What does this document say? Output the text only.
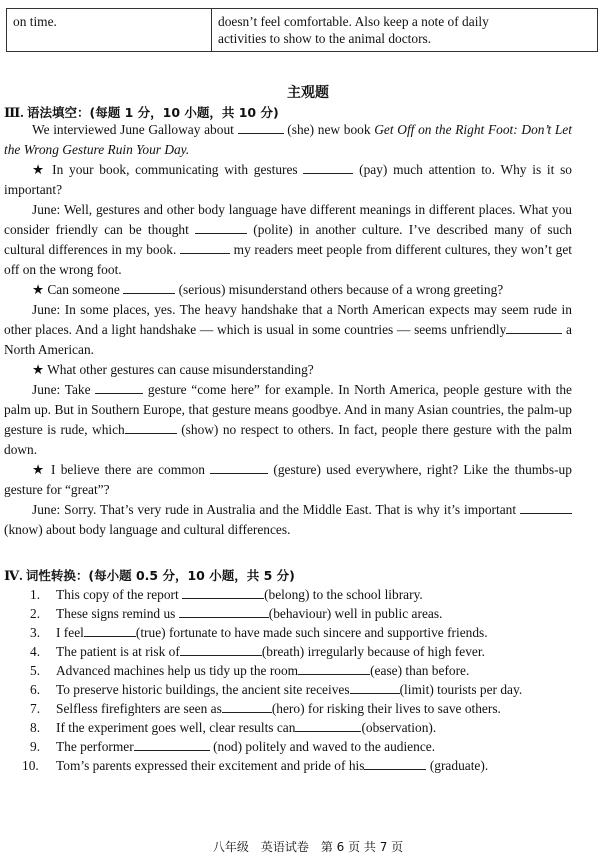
on time.	doesn’t feel comfortable. Also keep a note of daily
activities to show to the animal doctors.
主观题
Ⅲ. 语法填空：(每题 1 分，10 小题，共 10 分)
We interviewed June Galloway about	(she) new book Get Off on the Right Foot: Don’t Let the Wrong Gesture Ruin Your Day.
★ In your book, communicating with gestures	(pay) much attention to. Why is it so important?
June: Well, gestures and other body language have different meanings in different places. What you consider friendly can be thought	(polite) in another culture. I’ve described many of such cultural differences in my book.	my readers meet people from different cultures, they won’t get off on the wrong foot.
★ Can someone	(serious) misunderstand others because of a wrong greeting?
June: In some places, yes. The heavy handshake that a North American expects may seem rude in other places. And a light handshake — which is usual in some countries — seems unfriendly	a North American.
★ What other gestures can cause misunderstanding?
June: Take	gesture “come here” for example. In North America, people gesture with the palm up. But in Southern Europe, that gesture means goodbye. And in many Asian countries, the palm-up gesture is rude, which	(show) no respect to others. In fact, people there gesture with the palm down.
★ I believe there are common	(gesture) used everywhere, right? Like the thumbs-up gesture for “great”?
June: Sorry. That’s very rude in Australia and the Middle East. That is why it’s important  (know) about body language and cultural differences.
Ⅳ. 词性转换：(每小题 0.5 分，10 小题，共 5 分)
1. This copy of the report	(belong) to the school library.
2. These signs remind us	(behaviour) well in public areas.
3. I feel	(true) fortunate to have made such sincere and supportive friends.
4. The patient is at risk of	(breath) irregularly because of high fever.
5. Advanced machines help us tidy up the room	(ease) than before.
6. To preserve historic buildings, the ancient site receives	(limit) tourists per day.
7. Selfless firefighters are seen as	(hero) for risking their lives to save others.
8. If the experiment goes well, clear results can	(observation).
9. The performer	(nod) politely and waved to the audience.
10. Tom’s parents expressed their excitement and pride of his	(graduate).
八年级　英语试卷　第 6 页 共 7 页
